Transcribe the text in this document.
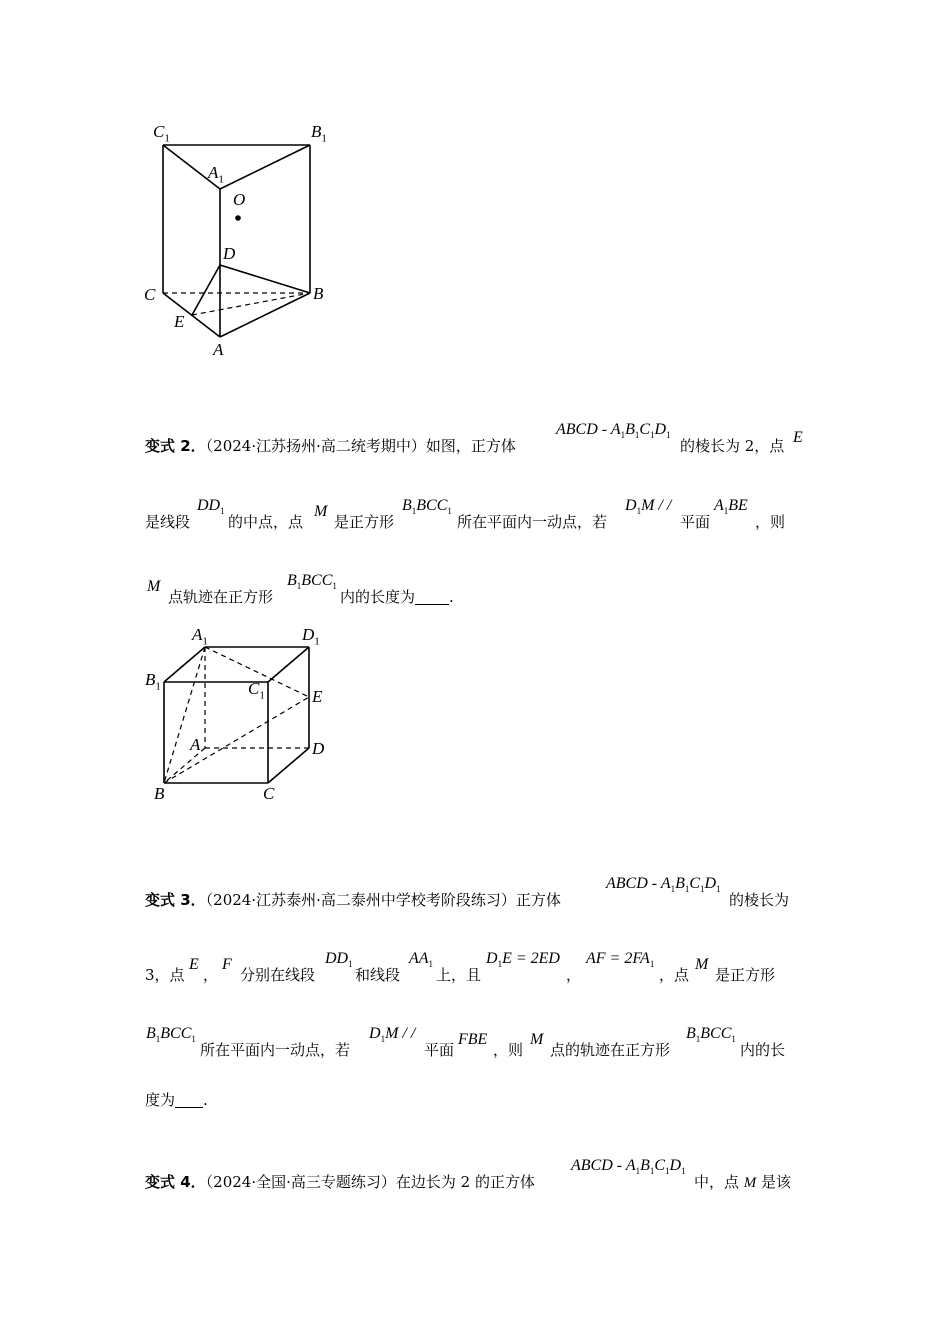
$C_1$	$B_1$
$A_1$
O
D
C	B
E
A
变式 2．（2024·江苏扬州·高二统考期中）如图，正方体
ABCD - $A_1B_1C_1D_1$
的棱长为 2，点 E
是线段
$DD_1$
的中点，点
M
是正方形
$B_1BCC_1$
所在平面内一动点，若
$D_1M$ / /
平面
$A_1BE$
，则
M
点轨迹在正方形
$B_1BCC_1$
内的长度为 .
$A_1$	$D_1$
$B_1$	$C_1$	E
A	D
B	C
变式 3．（2024·江苏泰州·高二泰州中学校考阶段练习）正方体
ABCD - $A_1B_1C_1D_1$
的棱长为
3，点
E
，
F
分别在线段
$DD_1$
和线段
$AA_1$
上，且
$D_1E = 2ED$
，
AF = $2FA_1$
，点
M
是正方形
$B_1BCC_1$
所在平面内一动点，若
$D_1M$ / /
平面
FBE
，则
M
点的轨迹在正方形
$B_1BCC_1$
内的长
度为 .
变式 4．（2024·全国·高三专题练习）在边长为 2 的正方体
ABCD - $A_1B_1C_1D_1$
中，点 M 是该
